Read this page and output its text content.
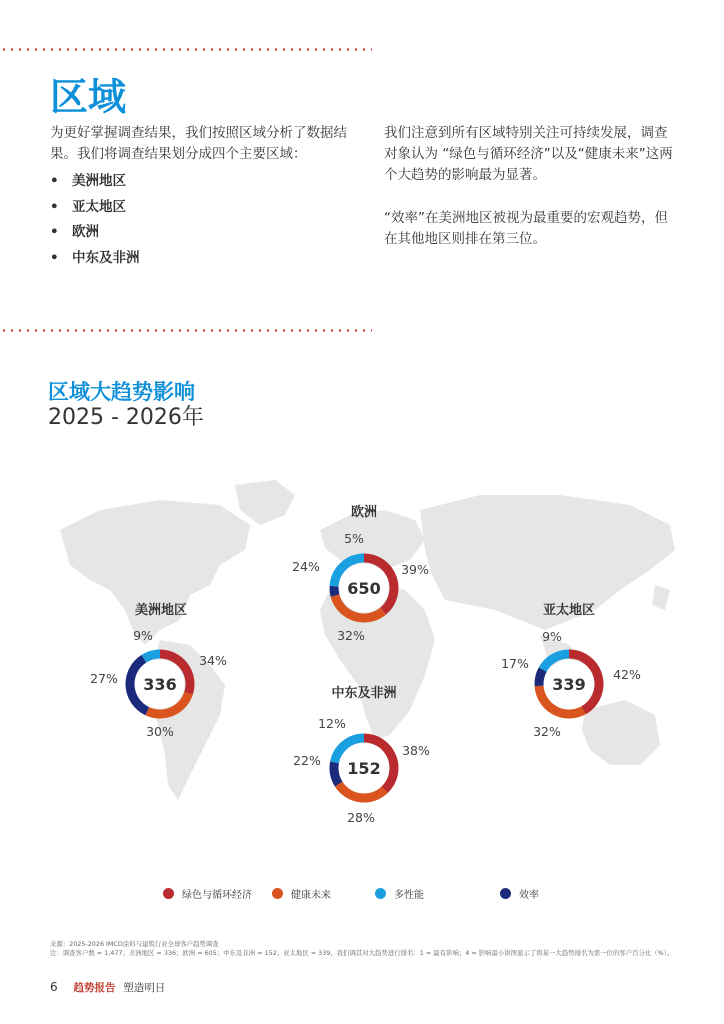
区域

为更好掌握调查结果，我们按照区域分析了数据结果。我们将调查结果划分成四个主要区域：

• 美洲地区
• 亚太地区
• 欧洲
• 中东及非洲

我们注意到所有区域特别关注可持续发展，调查对象认为 “绿色与循环经济”以及“健康未来”这两个大趋势的影响最为显著。

“效率”在美洲地区被视为最重要的宏观趋势，但在其他地区则排在第三位。

区域大趋势影响
2025 - 2026年
650
欧洲
39%
32%
24%
5%
336
美洲地区
30%
27%
9%
34%
152
中东及非洲
38%
28%
22%
12%
339
亚太地区
42%
32%
17%
9%
绿色与循环经济	健康未来	多性能	效率

来源：2025-2026 IMCD涂料与建筑行业全球客户趋势调查

注：调查客户数 = 1,477；美洲地区 = 336；欧洲 = 605；中东及非洲 = 152；亚太地区 = 339。我们调其对大趋势进行排名：1 = 最有影响；4 = 影响最小饼图显示了将某一大趋势排名为第一位的客户百分比（%）。

6 趋势报告 塑造明日
